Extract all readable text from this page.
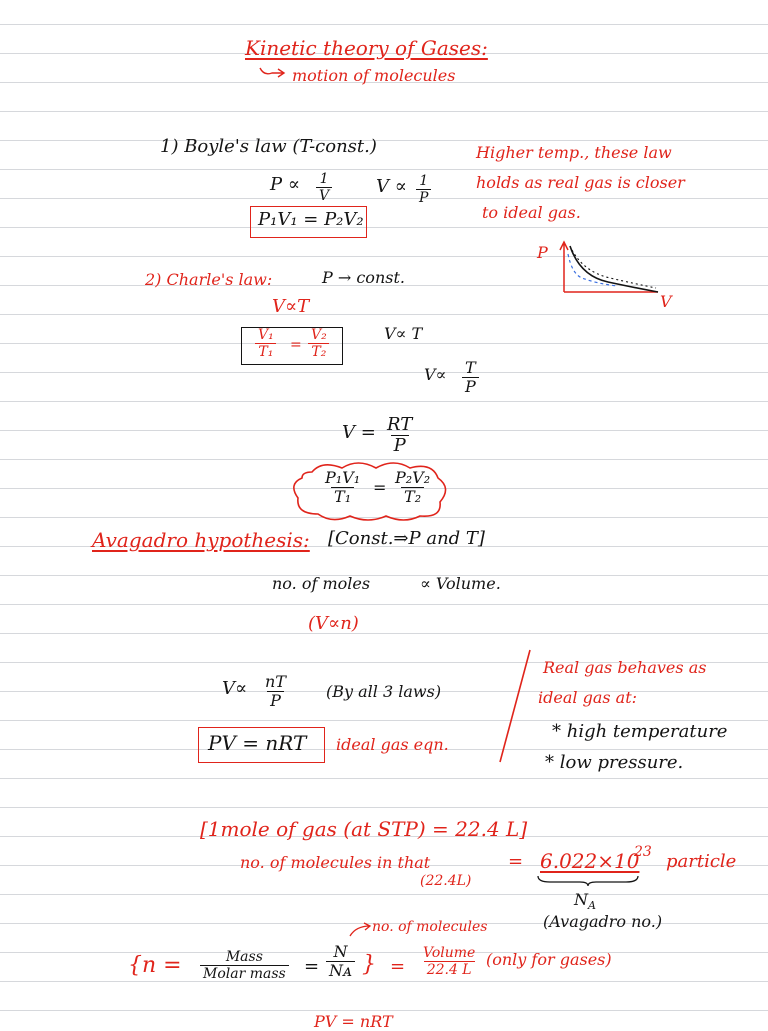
Kinetic theory of Gases:
motion of molecules
1) Boyle's law (T-const.)
$P \propto \frac{1}{V}$ $V \propto \frac{1}{P}$
P₁V₁ = P₂V₂
Higher temp., these law
holds as real gas is closer
to ideal gas.
P
V
2) Charle's law:	P → const.
V∝T
$\frac{\text{V₁}}{\text{T₁}} = \frac{\text{V₂}}{\text{T₂}}$	V∝ T
$V\propto \frac{T}{P}$
$V = \frac{RT}{P}$
$\frac{\text{P₁V₁}}{\text{T₁}} = \frac{\text{P₂V₂}}{\text{T₂}}$
Avagadro hypothesis: [Const.⇒P and T]
no. of moles	∝ Volume.
(V∝n)
$V\propto \frac{nT}{P} (By$ all 3 laws)
PV = nRT ideal gas eqn.
Real gas behaves as
ideal gas at:
* high temperature
* low pressure.
[1mole of gas (at STP) = 22.4 L]
no. of molecules in that
(22.4L)
= 6.022×10
23 particle
$N_A$
(Avagadro no.)
no. of molecules
{n =	Mass
Molar mass = $\frac{N}{\text{Nᴀ}}$ } =
Volume
22.4 L
(only for gases)
PV = nRT
